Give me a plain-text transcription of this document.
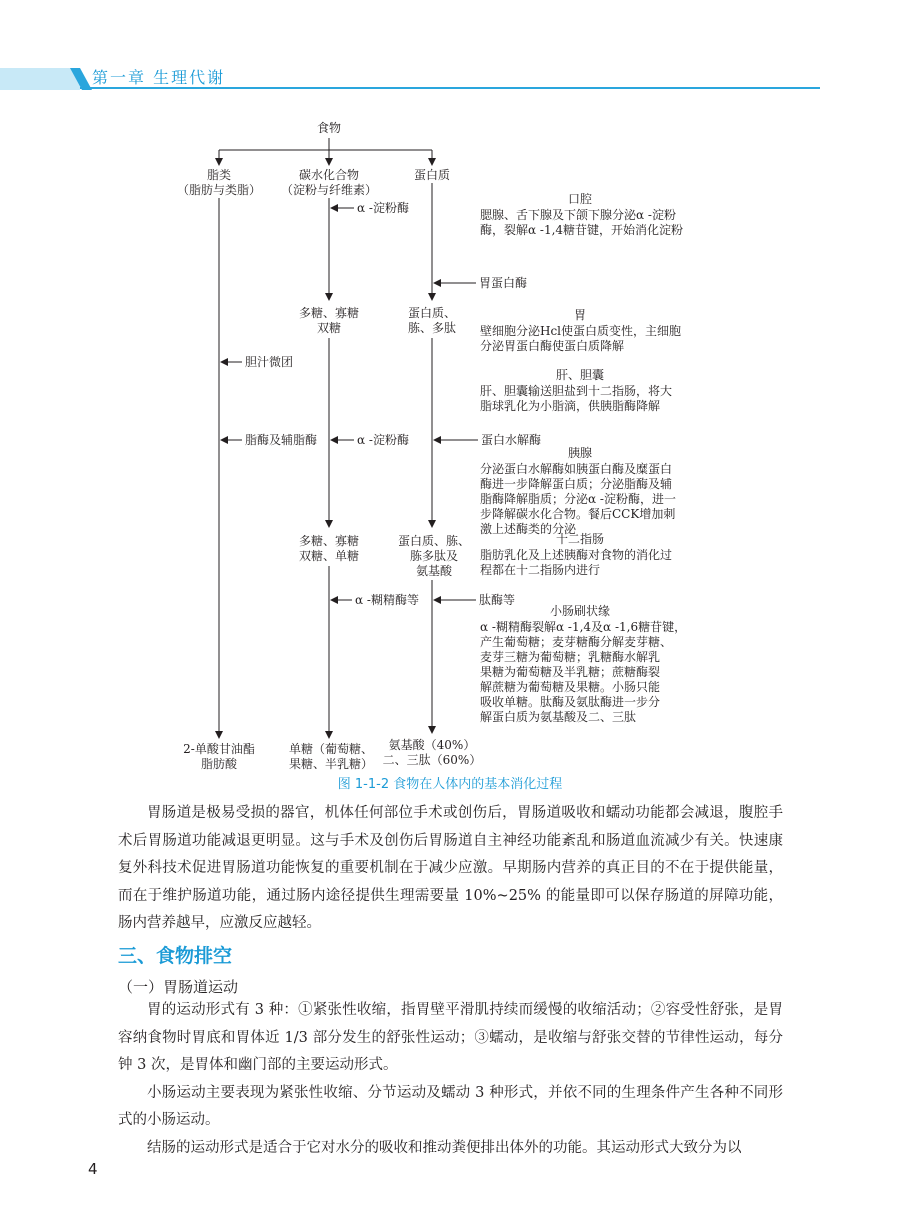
第一章 生理代谢
食物
脂类
（脂肪与类脂）
碳水化合物
（淀粉与纤维素）
蛋白质
α -淀粉酶
胃蛋白酶
胆汁微团
脂酶及辅脂酶	α -淀粉酶	蛋白水解酶
α -糊精酶等	肽酶等
多糖、寡糖
双糖
蛋白质、
胨、多肽
多糖、寡糖
双糖、单糖
蛋白质、胨、
胨多肽及
氨基酸
2-单酸甘油酯
脂肪酸
单糖（葡萄糖、
果糖、半乳糖）
氨基酸（40%）
二、三肽（60%）
口腔
腮腺、舌下腺及下颌下腺分泌α -淀粉
酶，裂解α -1,4糖苷键，开始消化淀粉
胃
壁细胞分泌Hcl使蛋白质变性，主细胞
分泌胃蛋白酶使蛋白质降解
肝、胆囊
肝、胆囊输送胆盐到十二指肠，将大
脂球乳化为小脂滴，供胰脂酶降解
胰腺
分泌蛋白水解酶如胰蛋白酶及糜蛋白
酶进一步降解蛋白质；分泌脂酶及辅
脂酶降解脂质；分泌α -淀粉酶，进一
步降解碳水化合物。餐后CCK增加刺
激上述酶类的分泌
十二指肠
脂肪乳化及上述胰酶对食物的消化过
程都在十二指肠内进行
小肠刷状缘
α -糊精酶裂解α -1,4及α -1,6糖苷键，
产生葡萄糖；麦芽糖酶分解麦芽糖、
麦芽三糖为葡萄糖；乳糖酶水解乳
果糖为葡萄糖及半乳糖；蔗糖酶裂
解蔗糖为葡萄糖及果糖。小肠只能
吸收单糖。肽酶及氨肽酶进一步分
解蛋白质为氨基酸及二、三肽
图 1-1-2 食物在人体内的基本消化过程

胃肠道是极易受损的器官，机体任何部位手术或创伤后，胃肠道吸收和蠕动功能都会减退，腹腔手术后胃肠道功能减退更明显。这与手术及创伤后胃肠道自主神经功能紊乱和肠道血流减少有关。快速康复外科技术促进胃肠道功能恢复的重要机制在于减少应激。早期肠内营养的真正目的不在于提供能量，而在于维护肠道功能，通过肠内途径提供生理需要量 10%~25% 的能量即可以保存肠道的屏障功能，肠内营养越早，应激反应越轻。

三、食物排空
（一）胃肠道运动

胃的运动形式有 3 种：①紧张性收缩，指胃壁平滑肌持续而缓慢的收缩活动；②容受性舒张，是胃容纳食物时胃底和胃体近 1/3 部分发生的舒张性运动；③蠕动，是收缩与舒张交替的节律性运动，每分钟 3 次，是胃体和幽门部的主要运动形式。

小肠运动主要表现为紧张性收缩、分节运动及蠕动 3 种形式，并依不同的生理条件产生各种不同形式的小肠运动。

结肠的运动形式是适合于它对水分的吸收和推动粪便排出体外的功能。其运动形式大致分为以

4
